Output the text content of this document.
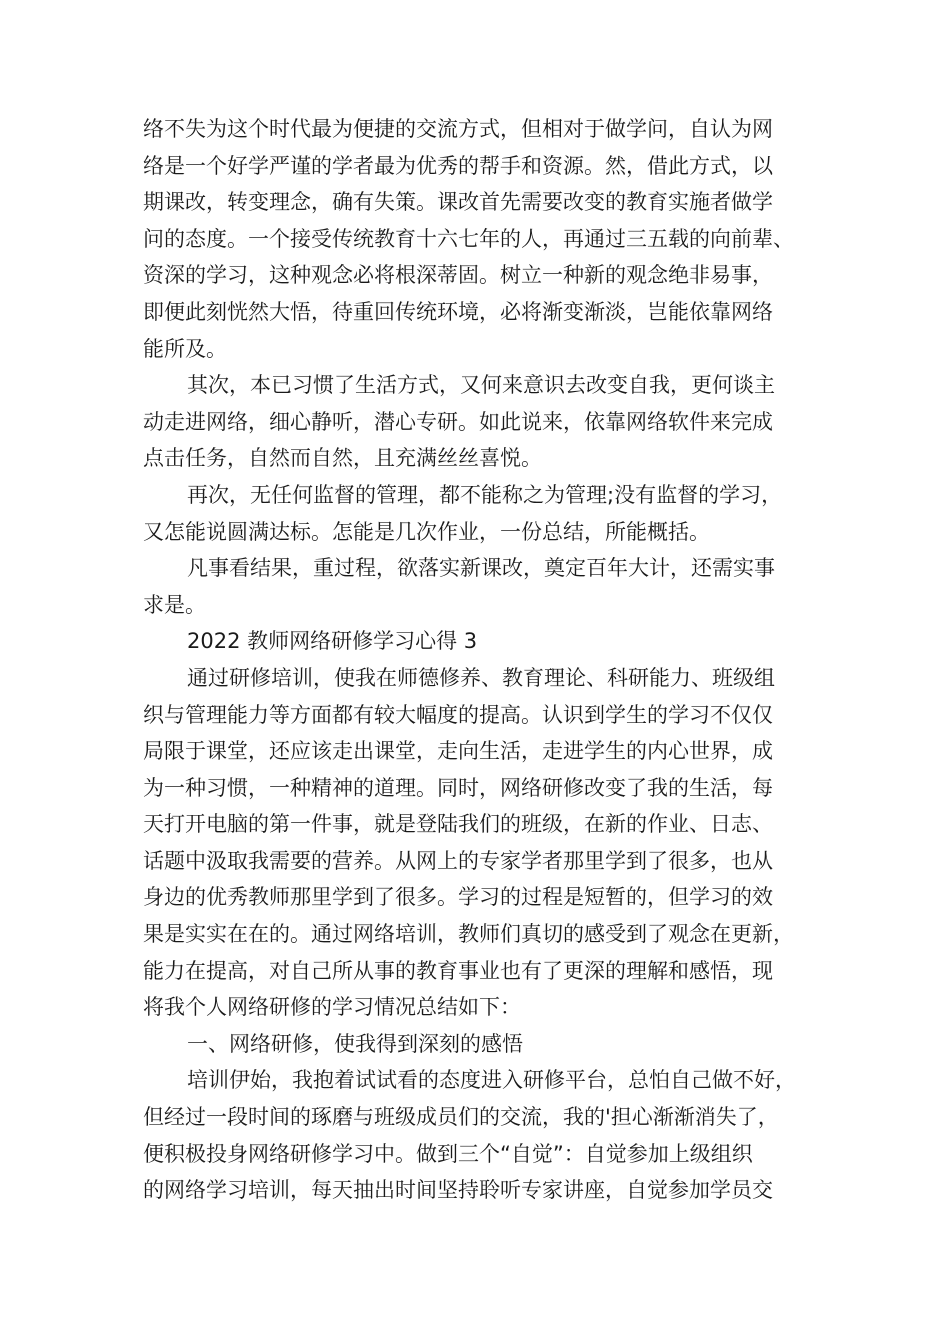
络不失为这个时代最为便捷的交流方式，但相对于做学问，自认为网
络是一个好学严谨的学者最为优秀的帮手和资源。然，借此方式，以
期课改，转变理念，确有失策。课改首先需要改变的教育实施者做学
问的态度。一个接受传统教育十六七年的人，再通过三五载的向前辈、
资深的学习，这种观念必将根深蒂固。树立一种新的观念绝非易事，
即便此刻恍然大悟，待重回传统环境，必将渐变渐淡，岂能依靠网络
能所及。
其次，本已习惯了生活方式，又何来意识去改变自我，更何谈主
动走进网络，细心静听，潜心专研。如此说来，依靠网络软件来完成
点击任务，自然而自然，且充满丝丝喜悦。
再次，无任何监督的管理，都不能称之为管理;没有监督的学习，
又怎能说圆满达标。怎能是几次作业，一份总结，所能概括。
凡事看结果，重过程，欲落实新课改，奠定百年大计，还需实事
求是。
2022 教师网络研修学习心得 3
通过研修培训，使我在师德修养、教育理论、科研能力、班级组
织与管理能力等方面都有较大幅度的提高。认识到学生的学习不仅仅
局限于课堂，还应该走出课堂，走向生活，走进学生的内心世界，成
为一种习惯，一种精神的道理。同时，网络研修改变了我的生活，每
天打开电脑的第一件事，就是登陆我们的班级，在新的作业、日志、
话题中汲取我需要的营养。从网上的专家学者那里学到了很多，也从
身边的优秀教师那里学到了很多。学习的过程是短暂的，但学习的效
果是实实在在的。通过网络培训，教师们真切的感受到了观念在更新，
能力在提高，对自己所从事的教育事业也有了更深的理解和感悟，现
将我个人网络研修的学习情况总结如下：
一、网络研修，使我得到深刻的感悟
培训伊始，我抱着试试看的态度进入研修平台，总怕自己做不好，
但经过一段时间的琢磨与班级成员们的交流，我的'担心渐渐消失了，
便积极投身网络研修学习中。做到三个“自觉”：自觉参加上级组织
的网络学习培训，每天抽出时间坚持聆听专家讲座，自觉参加学员交
